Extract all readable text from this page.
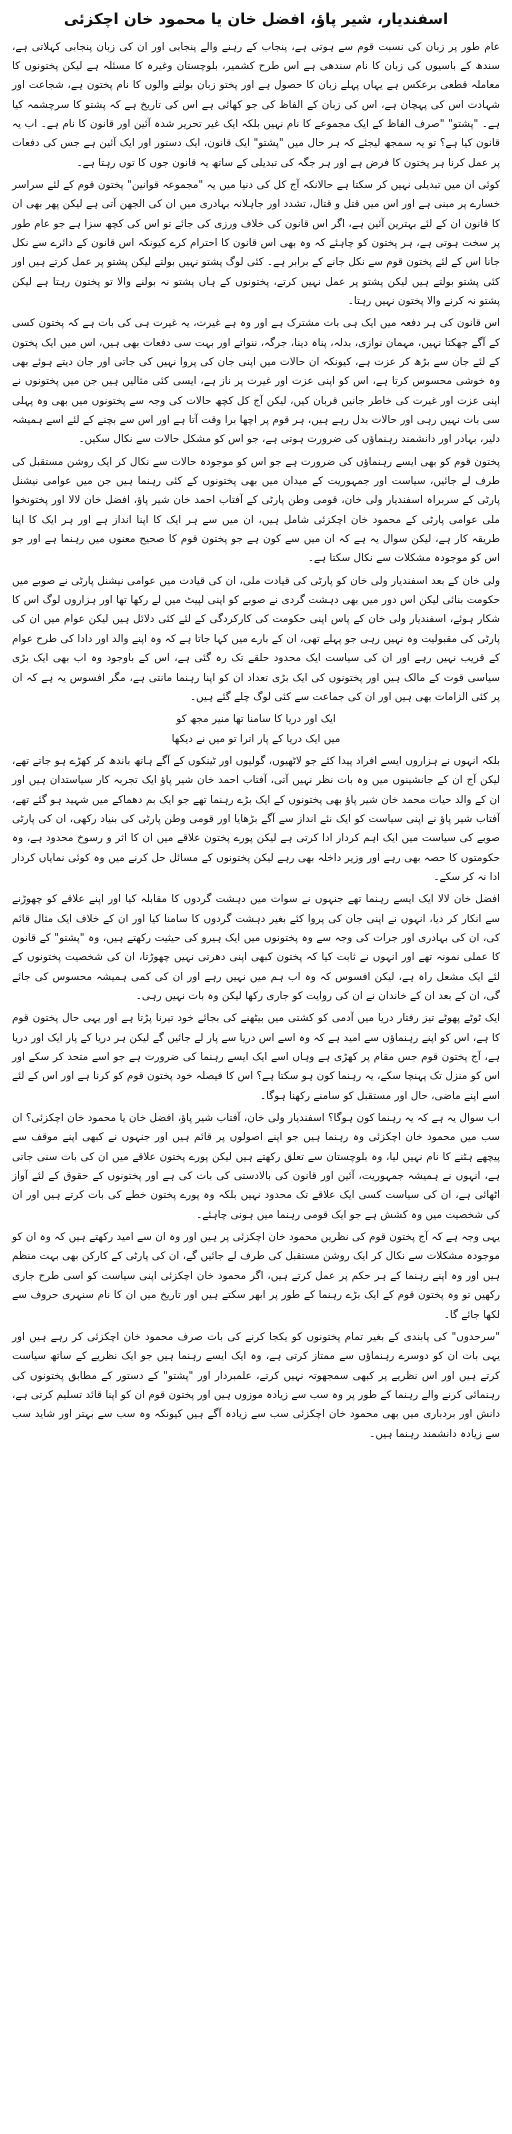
اسفندیار، شیر پاؤ، افضل خان یا محمود خان اچکزئی

عام طور پر زبان کی نسبت قوم سے ہوتی ہے، پنجاب کے رہنے والے پنجابی اور ان کی زبان پنجابی کہلاتی ہے، سندھ کے باسیوں کی زبان کا نام سندھی ہے اس طرح کشمیر، بلوچستان وغیرہ کا مسئلہ ہے لیکن پختونوں کا معاملہ قطعی برعکس ہے یہاں پہلے زبان کا حصول ہے اور پختو زبان بولنے والوں کا نام پختون ہے، شجاعت اور شہادت اس کی پہچان ہے، اس کی زبان کے الفاظ کی جو کھائی ہے اس کی تاریخ ہے کہ پشتو کا سرچشمہ کیا ہے۔ "پشتو" "صرف الفاظ کے ایک مجموعے کا نام نہیں بلکہ ایک غیر تحریر شدہ آئین اور قانون کا نام ہے۔ اب یہ قانون کیا ہے؟ تو یہ سمجھ لیجئے کہ ہر حال میں "پشتو" ایک قانون، ایک دستور اور ایک آئین ہے جس کی دفعات پر عمل کرنا ہر پختون کا فرض ہے اور ہر جگہ کی تبدیلی کے ساتھ یہ قانون جوں کا توں رہتا ہے۔

کوئی ان میں تبدیلی نہیں کر سکتا ہے حالانکہ آج کل کی دنیا میں یہ "مجموعہ قوانین" پختون قوم کے لئے سراسر خسارے پر مبنی ہے اور اس میں قتل و قتال، تشدد اور جاہلانہ بہادری میں ان کی الجھن آتی ہے لیکن پھر بھی ان کا قانون ان کے لئے بہترین آئین ہے، اگر اس قانون کی خلاف ورزی کی جائے تو اس کی کچھ سزا ہے جو عام طور پر سخت ہوتی ہے، ہر پختون کو چاہئے کہ وہ بھی اس قانون کا احترام کرے کیونکہ اس قانون کے دائرے سے نکل جانا اس کے لئے پختون قوم سے نکل جانے کے برابر ہے۔ کئی لوگ پشتو نہیں بولتے لیکن پشتو پر عمل کرتے ہیں اور کئی پشتو بولتے ہیں لیکن پشتو پر عمل نہیں کرتے، پختونوں کے ہاں پشتو نہ بولنے والا تو پختون رہتا ہے لیکن پشتو نہ کرنے والا پختون نہیں رہتا۔

اس قانون کی ہر دفعہ میں ایک ہی بات مشترک ہے اور وہ ہے غیرت، یہ غیرت ہی کی بات ہے کہ پختون کسی کے آگے جھکتا نہیں، مہمان نوازی، بدلہ، پناہ دینا، جرگہ، ننواتے اور بہت سی دفعات بھی ہیں، اس میں ایک پختون کے لئے جان سے بڑھ کر عزت ہے، کیونکہ ان حالات میں اپنی جان کی پروا نہیں کی جاتی اور جان دیتے ہوئے بھی وہ خوشی محسوس کرتا ہے، اس کو اپنی عزت اور غیرت پر ناز ہے، ایسی کئی مثالیں ہیں جن میں پختونوں نے اپنی عزت اور غیرت کی خاطر جانیں قربان کیں، لیکن آج کل کچھ حالات کی وجہ سے پختونوں میں بھی وہ پہلی سی بات نہیں رہی اور حالات بدل رہے ہیں، ہر قوم پر اچھا برا وقت آتا ہے اور اس سے بچنے کے لئے اسے ہمیشہ دلیر، بہادر اور دانشمند رہنماؤں کی ضرورت ہوتی ہے، جو اس کو مشکل حالات سے نکال سکیں۔

پختون قوم کو بھی ایسے رہنماؤں کی ضرورت ہے جو اس کو موجودہ حالات سے نکال کر ایک روشن مستقبل کی طرف لے جائیں، سیاست اور جمہوریت کے میدان میں بھی پختونوں کے کئی رہنما ہیں جن میں عوامی نیشنل پارٹی کے سربراہ اسفندیار ولی خان، قومی وطن پارٹی کے آفتاب احمد خان شیر پاؤ، افضل خان لالا اور پختونخوا ملی عوامی پارٹی کے محمود خان اچکزئی شامل ہیں، ان میں سے ہر ایک کا اپنا انداز ہے اور ہر ایک کا اپنا طریقہ کار ہے، لیکن سوال یہ ہے کہ ان میں سے کون ہے جو پختون قوم کا صحیح معنوں میں رہنما ہے اور جو اس کو موجودہ مشکلات سے نکال سکتا ہے۔

ولی خان کے بعد اسفندیار ولی خان کو پارٹی کی قیادت ملی، ان کی قیادت میں عوامی نیشنل پارٹی نے صوبے میں حکومت بنائی لیکن اس دور میں بھی دہشت گردی نے صوبے کو اپنی لپیٹ میں لے رکھا تھا اور ہزاروں لوگ اس کا شکار ہوئے، اسفندیار ولی خان کے پاس اپنی حکومت کی کارکردگی کے لئے کئی دلائل ہیں لیکن عوام میں ان کی پارٹی کی مقبولیت وہ نہیں رہی جو پہلے تھی، ان کے بارے میں کہا جاتا ہے کہ وہ اپنے والد اور دادا کی طرح عوام کے قریب نہیں رہے اور ان کی سیاست ایک محدود حلقے تک رہ گئی ہے، اس کے باوجود وہ اب بھی ایک بڑی سیاسی قوت کے مالک ہیں اور پختونوں کی ایک بڑی تعداد ان کو اپنا رہنما مانتی ہے، مگر افسوس یہ ہے کہ ان پر کئی الزامات بھی ہیں اور ان کی جماعت سے کئی لوگ چلے گئے ہیں۔

ایک اور دریا کا سامنا تھا منیر مجھ کو
میں ایک دریا کے پار اترا تو میں نے دیکھا

بلکہ انہوں نے ہزاروں ایسے افراد پیدا کئے جو لاٹھیوں، گولیوں اور ٹینکوں کے آگے ہاتھ باندھ کر کھڑے ہو جاتے تھے، لیکن آج ان کے جانشینوں میں وہ بات نظر نہیں آتی، آفتاب احمد خان شیر پاؤ ایک تجربہ کار سیاستدان ہیں اور ان کے والد حیات محمد خان شیر پاؤ بھی پختونوں کے ایک بڑے رہنما تھے جو ایک بم دھماکے میں شہید ہو گئے تھے، آفتاب شیر پاؤ نے اپنی سیاست کو ایک نئے انداز سے آگے بڑھایا اور قومی وطن پارٹی کی بنیاد رکھی، ان کی پارٹی صوبے کی سیاست میں ایک اہم کردار ادا کرتی ہے لیکن پورے پختون علاقے میں ان کا اثر و رسوخ محدود ہے، وہ حکومتوں کا حصہ بھی رہے اور وزیر داخلہ بھی رہے لیکن پختونوں کے مسائل حل کرنے میں وہ کوئی نمایاں کردار ادا نہ کر سکے۔

افضل خان لالا ایک ایسے رہنما تھے جنہوں نے سوات میں دہشت گردوں کا مقابلہ کیا اور اپنے علاقے کو چھوڑنے سے انکار کر دیا، انہوں نے اپنی جان کی پروا کئے بغیر دہشت گردوں کا سامنا کیا اور ان کے خلاف ایک مثال قائم کی، ان کی بہادری اور جرات کی وجہ سے وہ پختونوں میں ایک ہیرو کی حیثیت رکھتے ہیں، وہ "پشتو" کے قانون کا عملی نمونہ تھے اور انہوں نے ثابت کیا کہ پختون کبھی اپنی دھرتی نہیں چھوڑتا، ان کی شخصیت پختونوں کے لئے ایک مشعل راہ ہے، لیکن افسوس کہ وہ اب ہم میں نہیں رہے اور ان کی کمی ہمیشہ محسوس کی جائے گی، ان کے بعد ان کے خاندان نے ان کی روایت کو جاری رکھا لیکن وہ بات نہیں رہی۔

ایک ٹوٹے پھوٹے تیز رفتار دریا میں آدمی کو کشتی میں بیٹھنے کی بجائے خود تیرنا پڑتا ہے اور یہی حال پختون قوم کا ہے، اس کو اپنے رہنماؤں سے امید ہے کہ وہ اسے اس دریا سے پار لے جائیں گے لیکن ہر دریا کے پار ایک اور دریا ہے، آج پختون قوم جس مقام پر کھڑی ہے وہاں اسے ایک ایسے رہنما کی ضرورت ہے جو اسے متحد کر سکے اور اس کو منزل تک پہنچا سکے، یہ رہنما کون ہو سکتا ہے؟ اس کا فیصلہ خود پختون قوم کو کرنا ہے اور اس کے لئے اسے اپنے ماضی، حال اور مستقبل کو سامنے رکھنا ہوگا۔

اب سوال یہ ہے کہ یہ رہنما کون ہوگا؟ اسفندیار ولی خان، آفتاب شیر پاؤ، افضل خان یا محمود خان اچکزئی؟ ان سب میں محمود خان اچکزئی وہ رہنما ہیں جو اپنے اصولوں پر قائم ہیں اور جنہوں نے کبھی اپنے موقف سے پیچھے ہٹنے کا نام نہیں لیا، وہ بلوچستان سے تعلق رکھتے ہیں لیکن پورے پختون علاقے میں ان کی بات سنی جاتی ہے، انہوں نے ہمیشہ جمہوریت، آئین اور قانون کی بالادستی کی بات کی ہے اور پختونوں کے حقوق کے لئے آواز اٹھائی ہے، ان کی سیاست کسی ایک علاقے تک محدود نہیں بلکہ وہ پورے پختون خطے کی بات کرتے ہیں اور ان کی شخصیت میں وہ کشش ہے جو ایک قومی رہنما میں ہونی چاہئے۔

یہی وجہ ہے کہ آج پختون قوم کی نظریں محمود خان اچکزئی پر ہیں اور وہ ان سے امید رکھتے ہیں کہ وہ ان کو موجودہ مشکلات سے نکال کر ایک روشن مستقبل کی طرف لے جائیں گے، ان کی پارٹی کے کارکن بھی بہت منظم ہیں اور وہ اپنے رہنما کے ہر حکم پر عمل کرتے ہیں، اگر محمود خان اچکزئی اپنی سیاست کو اسی طرح جاری رکھیں تو وہ پختون قوم کے ایک بڑے رہنما کے طور پر ابھر سکتے ہیں اور تاریخ میں ان کا نام سنہری حروف سے لکھا جائے گا۔

"سرحدوں" کی پابندی کے بغیر تمام پختونوں کو یکجا کرنے کی بات صرف محمود خان اچکزئی کر رہے ہیں اور یہی بات ان کو دوسرے رہنماؤں سے ممتاز کرتی ہے، وہ ایک ایسے رہنما ہیں جو ایک نظریے کے ساتھ سیاست کرتے ہیں اور اس نظریے پر کبھی سمجھوتہ نہیں کرتے، علمبردار اور "پشتو" کے دستور کے مطابق پختونوں کی رہنمائی کرنے والے رہنما کے طور پر وہ سب سے زیادہ موزوں ہیں اور پختون قوم ان کو اپنا قائد تسلیم کرتی ہے، دانش اور بردباری میں بھی محمود خان اچکزئی سب سے زیادہ آگے ہیں کیونکہ وہ سب سے بہتر اور شاید سب سے زیادہ دانشمند رہنما ہیں۔
